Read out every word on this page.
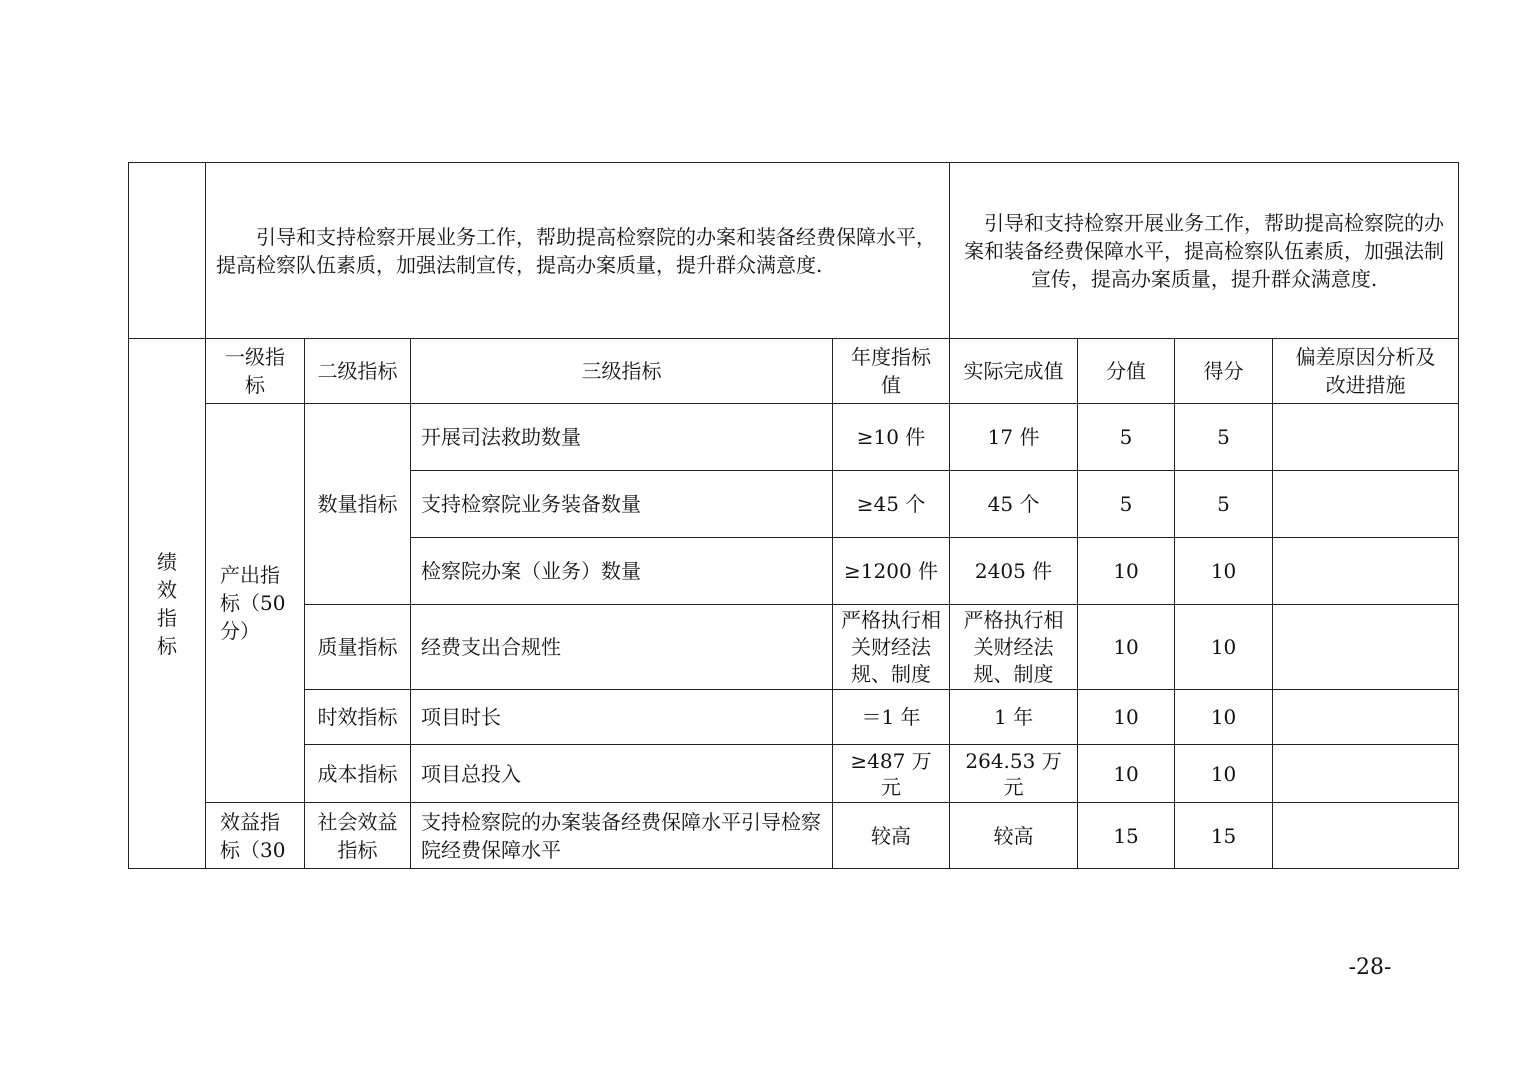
	引导和支持检察开展业务工作，帮助提高检察院的办案和装备经费保障水平，提高检察队伍素质，加强法制宣传，提高办案质量，提升群众满意度.				引导和支持检察开展业务工作，帮助提高检察院的办案和装备经费保障水平，提高检察队伍素质，加强法制宣传，提高办案质量，提升群众满意度.			

绩效指标	一级指标	二级指标	三级指标	年度指标值	实际完成值	分值	得分	偏差原因分析及改进措施

	产出指标（50分）	数量指标	开展司法救助数量	≥10 件	17 件	5	5	
			支持检察院业务装备数量	≥45 个	45 个	5	5	
			检察院办案（业务）数量	≥1200 件	2405 件	10	10	
		质量指标	经费支出合规性	严格执行相关财经法规、制度	严格执行相关财经法规、制度	10	10	
		时效指标	项目时长	＝1 年	1 年	10	10	
		成本指标	项目总投入	≥487 万元	264.53 万元	10	10	

	效益指标（30	社会效益指标	支持检察院的办案装备经费保障水平引导检察院经费保障水平	较高	较高	15	15	
-28-
